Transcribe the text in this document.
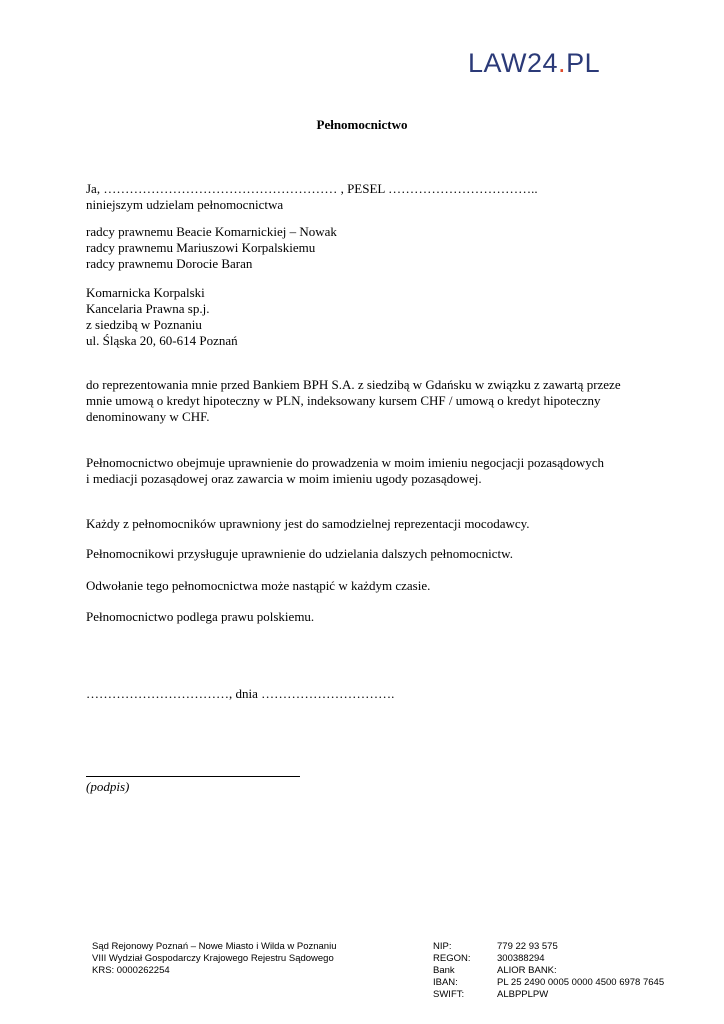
LAW24.PL
Pełnomocnictwo
Ja, ……………………………………………… , PESEL ……………………………..
niniejszym udzielam pełnomocnictwa
radcy prawnemu Beacie Komarnickiej – Nowak
radcy prawnemu Mariuszowi Korpalskiemu
radcy prawnemu Dorocie Baran
Komarnicka Korpalski
Kancelaria Prawna sp.j.
z siedzibą w Poznaniu
ul. Śląska 20, 60-614 Poznań
do reprezentowania mnie przed Bankiem BPH S.A. z siedzibą w Gdańsku w związku z zawartą przeze
mnie umową o kredyt hipoteczny w PLN, indeksowany kursem CHF / umową o kredyt hipoteczny
denominowany w CHF.
Pełnomocnictwo obejmuje uprawnienie do prowadzenia w moim imieniu negocjacji pozasądowych
i mediacji pozasądowej oraz zawarcia w moim imieniu ugody pozasądowej.
Każdy z pełnomocników uprawniony jest do samodzielnej reprezentacji mocodawcy.
Pełnomocnikowi przysługuje uprawnienie do udzielania dalszych pełnomocnictw.
Odwołanie tego pełnomocnictwa może nastąpić w każdym czasie.
Pełnomocnictwo podlega prawu polskiemu.
……………………………, dnia ………………………….
(podpis)
Sąd Rejonowy Poznań – Nowe Miasto i Wilda w Poznaniu
VIII Wydział Gospodarczy Krajowego Rejestru Sądowego
KRS: 0000262254
NIP:
REGON:
Bank
IBAN:
SWIFT:
779 22 93 575
300388294
ALIOR BANK:
PL 25 2490 0005 0000 4500 6978 7645
ALBPPLPW
